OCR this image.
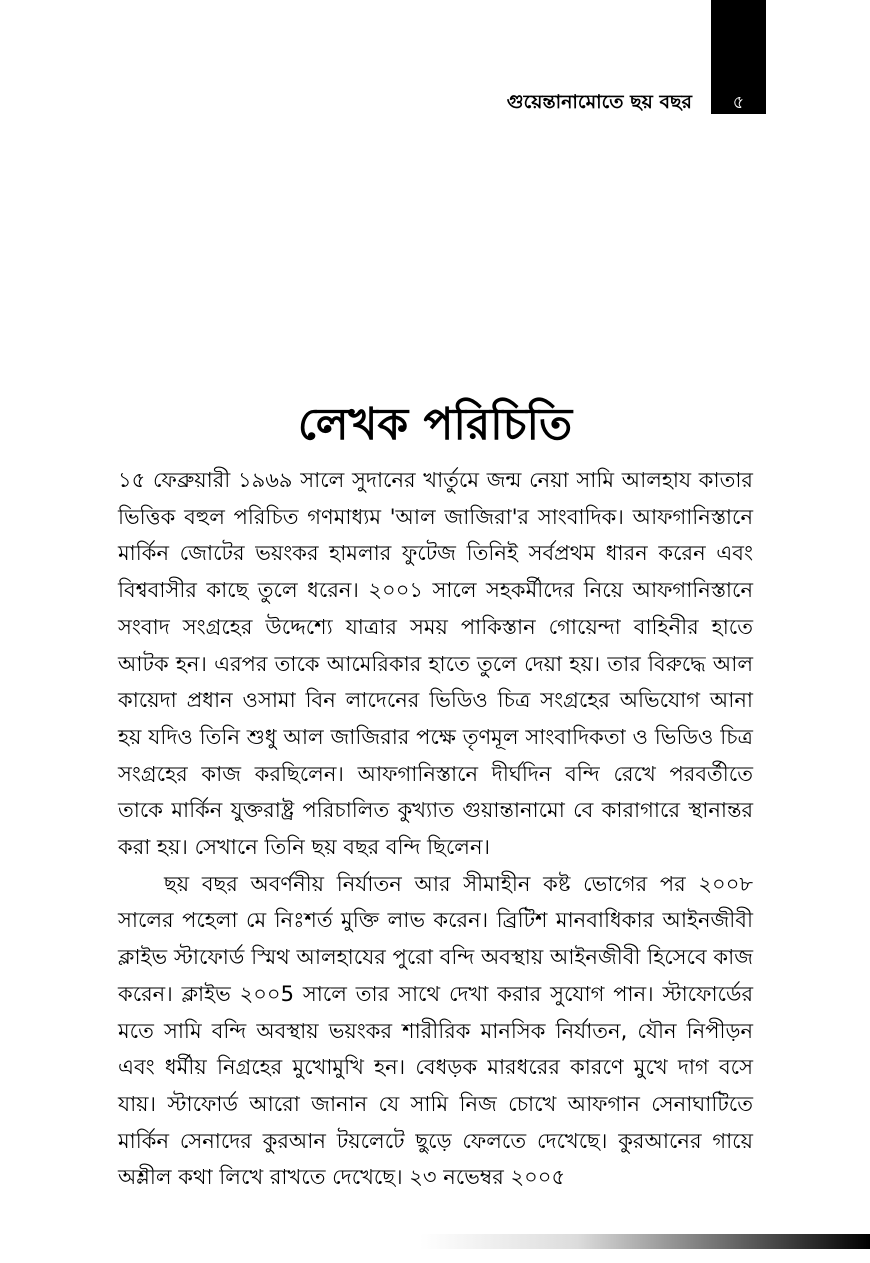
গুয়েন্তানামোতে ছয় বছর	৫
লেখক পরিচিতি

১৫ ফেব্রুয়ারী ১৯৬৯ সালে সুদানের খার্তুমে জন্ম নেয়া সামি আলহায কাতার ভিত্তিক বহুল পরিচিত গণমাধ্যম 'আল জাজিরা'র সাংবাদিক। আফগানিস্তানে মার্কিন জোটের ভয়ংকর হামলার ফুটেজ তিনিই সর্বপ্রথম ধারন করেন এবং বিশ্ববাসীর কাছে তুলে ধরেন। ২০০১ সালে সহকর্মীদের নিয়ে আফগানিস্তানে সংবাদ সংগ্রহের উদ্দেশ্যে যাত্রার সময় পাকিস্তান গোয়েন্দা বাহিনীর হাতে আটক হন। এরপর তাকে আমেরিকার হাতে তুলে দেয়া হয়। তার বিরুদ্ধে আল কায়েদা প্রধান ওসামা বিন লাদেনের ভিডিও চিত্র সংগ্রহের অভিযোগ আনা হয় যদিও তিনি শুধু আল জাজিরার পক্ষে তৃণমূল সাংবাদিকতা ও ভিডিও চিত্র সংগ্রহের কাজ করছিলেন। আফগানিস্তানে দীর্ঘদিন বন্দি রেখে পরবর্তীতে তাকে মার্কিন যুক্তরাষ্ট্র পরিচালিত কুখ্যাত গুয়ান্তানামো বে কারাগারে স্থানান্তর করা হয়। সেখানে তিনি ছয় বছর বন্দি ছিলেন।

ছয় বছর অবর্ণনীয় নির্যাতন আর সীমাহীন কষ্ট ভোগের পর ২০০৮ সালের পহেলা মে নিঃশর্ত মুক্তি লাভ করেন। ব্রিটিশ মানবাধিকার আইনজীবী ক্লাইভ স্টাফোর্ড স্মিথ আলহাযের পুরো বন্দি অবস্থায় আইনজীবী হিসেবে কাজ করেন। ক্লাইভ ২০০5 সালে তার সাথে দেখা করার সুযোগ পান। স্টাফোর্ডের মতে সামি বন্দি অবস্থায় ভয়ংকর শারীরিক মানসিক নির্যাতন, যৌন নিপীড়ন এবং ধর্মীয় নিগ্রহের মুখোমুখি হন। বেধড়ক মারধরের কারণে মুখে দাগ বসে যায়। স্টাফোর্ড আরো জানান যে সামি নিজ চোখে আফগান সেনাঘাটিতে মার্কিন সেনাদের কুরআন টয়লেটে ছুড়ে ফেলতে দেখেছে। কুরআনের গায়ে অশ্লীল কথা লিখে রাখতে দেখেছে। ২৩ নভেম্বর ২০০৫
